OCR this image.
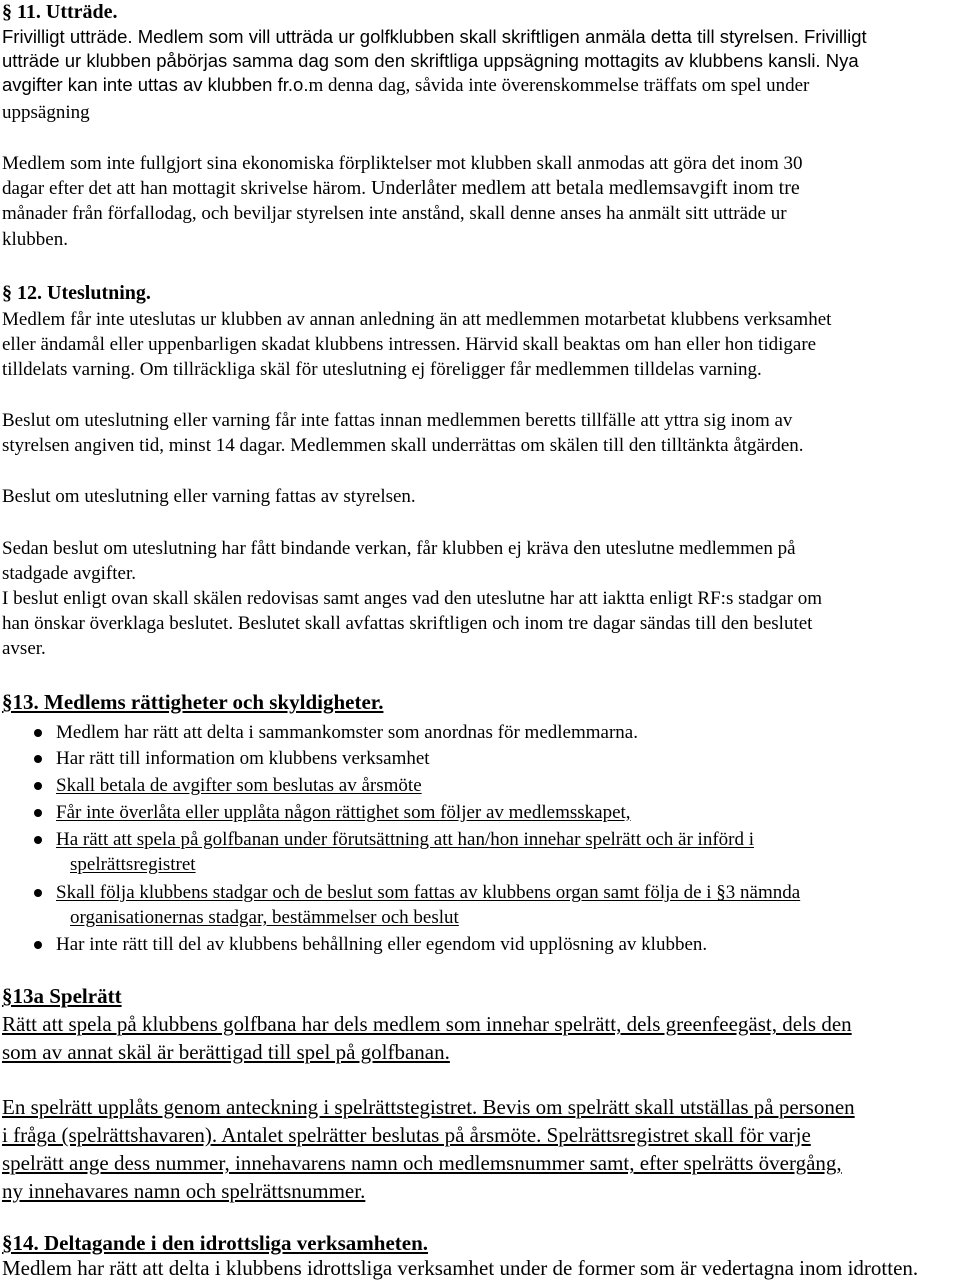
§ 11. Utträde.
Frivilligt utträde. Medlem som vill utträda ur golfklubben skall skriftligen anmäla detta till styrelsen. Frivilligt
utträde ur klubben påbörjas samma dag som den skriftliga uppsägning mottagits av klubbens kansli. Nya
avgifter kan inte uttas av klubben fr.o.m denna dag, såvida inte överenskommelse träffats om spel under
uppsägning
Medlem som inte fullgjort sina ekonomiska förpliktelser mot klubben skall anmodas att göra det inom 30
dagar efter det att han mottagit skrivelse härom. Underlåter medlem att betala medlemsavgift inom tre
månader från förfallodag, och beviljar styrelsen inte anstånd, skall denne anses ha anmält sitt utträde ur
klubben.
§ 12. Uteslutning.
Medlem får inte uteslutas ur klubben av annan anledning än att medlemmen motarbetat klubbens verksamhet
eller ändamål eller uppenbarligen skadat klubbens intressen. Härvid skall beaktas om han eller hon tidigare
tilldelats varning. Om tillräckliga skäl för uteslutning ej föreligger får medlemmen tilldelas varning.
Beslut om uteslutning eller varning får inte fattas innan medlemmen beretts tillfälle att yttra sig inom av
styrelsen angiven tid, minst 14 dagar. Medlemmen skall underrättas om skälen till den tilltänkta åtgärden.
Beslut om uteslutning eller varning fattas av styrelsen.
Sedan beslut om uteslutning har fått bindande verkan, får klubben ej kräva den uteslutne medlemmen på
stadgade avgifter.
I beslut enligt ovan skall skälen redovisas samt anges vad den uteslutne har att iaktta enligt RF:s stadgar om
han önskar överklaga beslutet. Beslutet skall avfattas skriftligen och inom tre dagar sändas till den beslutet
avser.
§13. Medlems rättigheter och skyldigheter.
Medlem har rätt att delta i sammankomster som anordnas för medlemmarna.
Har rätt till information om klubbens verksamhet
Skall betala de avgifter som beslutas av årsmöte
Får inte överlåta eller upplåta någon rättighet som följer av medlemsskapet,
Ha rätt att spela på golfbanan under förutsättning att han/hon innehar spelrätt och är införd i
spelrättsregistret
Skall följa klubbens stadgar och de beslut som fattas av klubbens organ samt följa de i §3 nämnda
organisationernas stadgar, bestämmelser och beslut
Har inte rätt till del av klubbens behållning eller egendom vid upplösning av klubben.
§13a Spelrätt
Rätt att spela på klubbens golfbana har dels medlem som innehar spelrätt, dels greenfeegäst, dels den
som av annat skäl är berättigad till spel på golfbanan.
En spelrätt upplåts genom anteckning i spelrättstegistret. Bevis om spelrätt skall utställas på personen
i fråga (spelrättshavaren). Antalet spelrätter beslutas på årsmöte. Spelrättsregistret skall för varje
spelrätt ange dess nummer, innehavarens namn och medlemsnummer samt, efter spelrätts övergång,
ny innehavares namn och spelrättsnummer.
§14. Deltagande i den idrottsliga verksamheten.
Medlem har rätt att delta i klubbens idrottsliga verksamhet under de former som är vedertagna inom idrotten.
